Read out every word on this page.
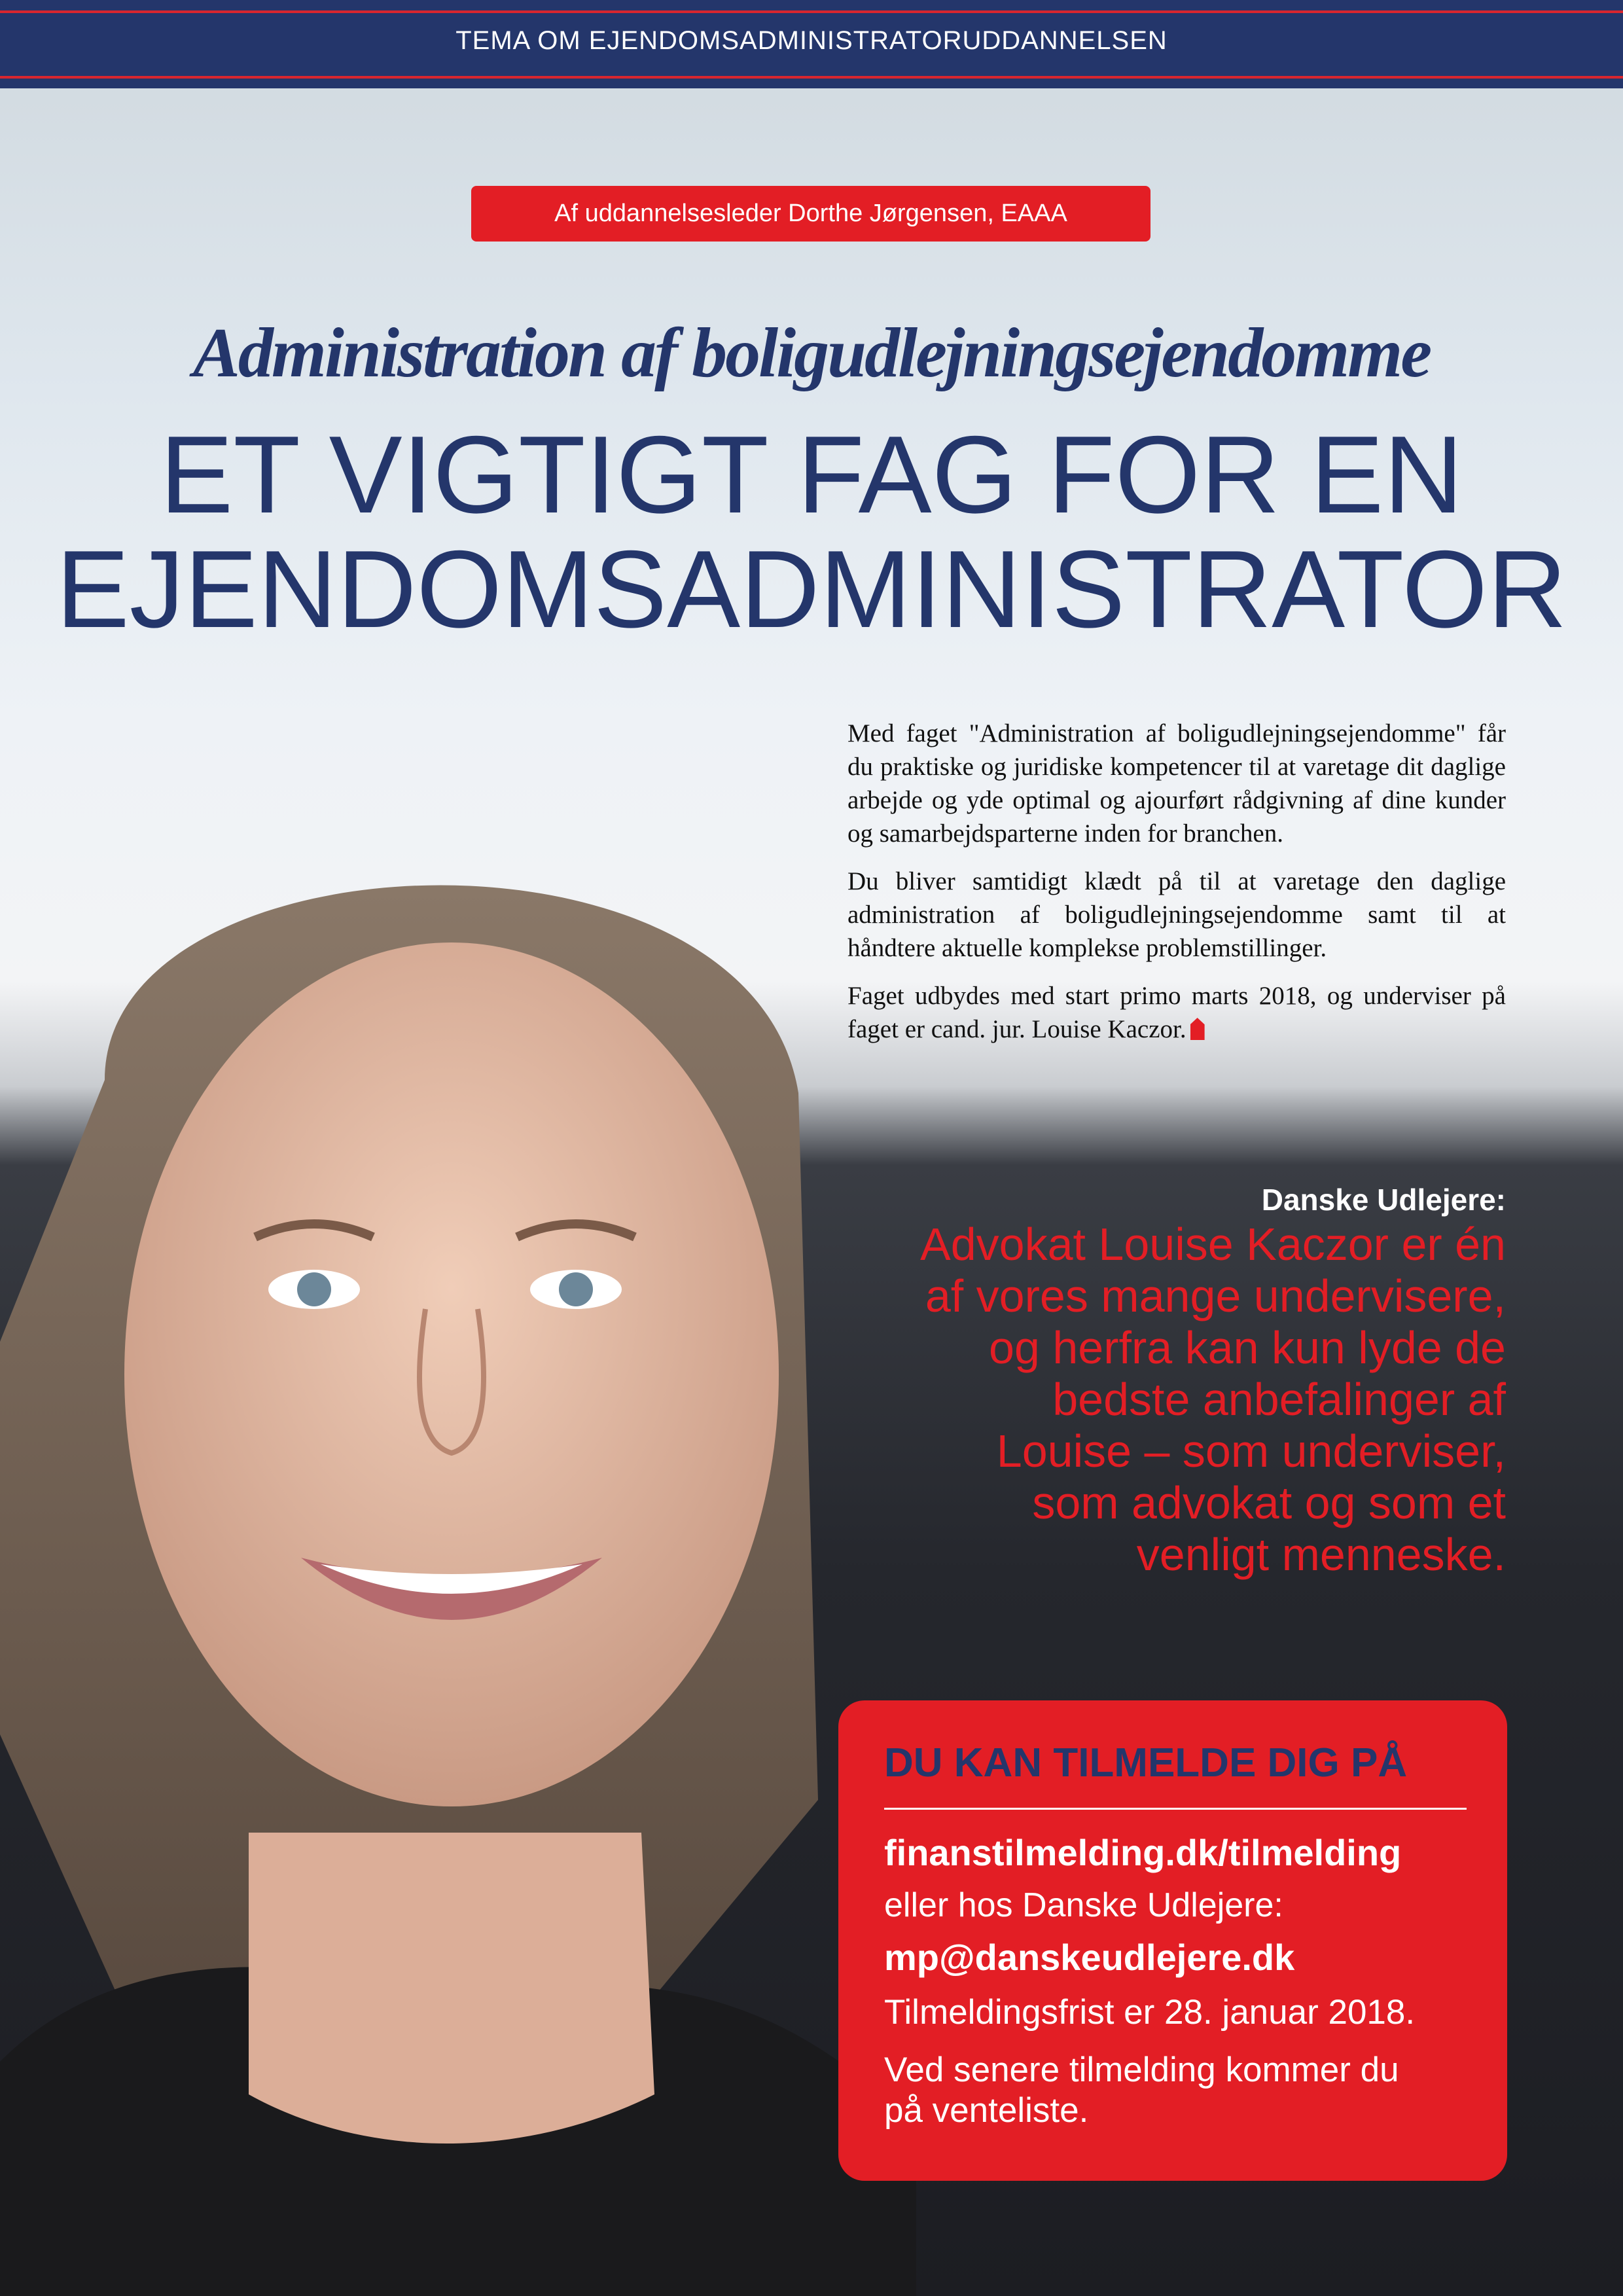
TEMA OM EJENDOMSADMINISTRATORUDDANNELSEN
Af uddannelsesleder Dorthe Jørgensen, EAAA
Administration af boligudlejningsejendomme
ET VIGTIGT FAG FOR EN
EJENDOMSADMINISTRATOR

Med faget "Administration af boligudlejningsejendomme" får du praktiske og juridiske kompetencer til at varetage dit daglige arbejde og yde optimal og ajourført rådgivning af dine kunder og samarbejdsparterne inden for branchen.

Du bliver samtidigt klædt på til at varetage den daglige administration af boligudlejningsejendomme samt til at håndtere aktuelle komplekse problemstillinger.

Faget udbydes med start primo marts 2018, og underviser på faget er cand. jur. Louise Kaczor.

Danske Udlejere:
Advokat Louise Kaczor er én
af vores mange undervisere,
og herfra kan kun lyde de
bedste anbefalinger af
Louise – som underviser,
som advokat og som et
venligt menneske.
DU KAN TILMELDE DIG PÅ
finanstilmelding.dk/tilmelding
eller hos Danske Udlejere:
mp@danskeudlejere.dk
Tilmeldingsfrist er 28. januar 2018.
Ved senere tilmelding kommer du
på venteliste.
